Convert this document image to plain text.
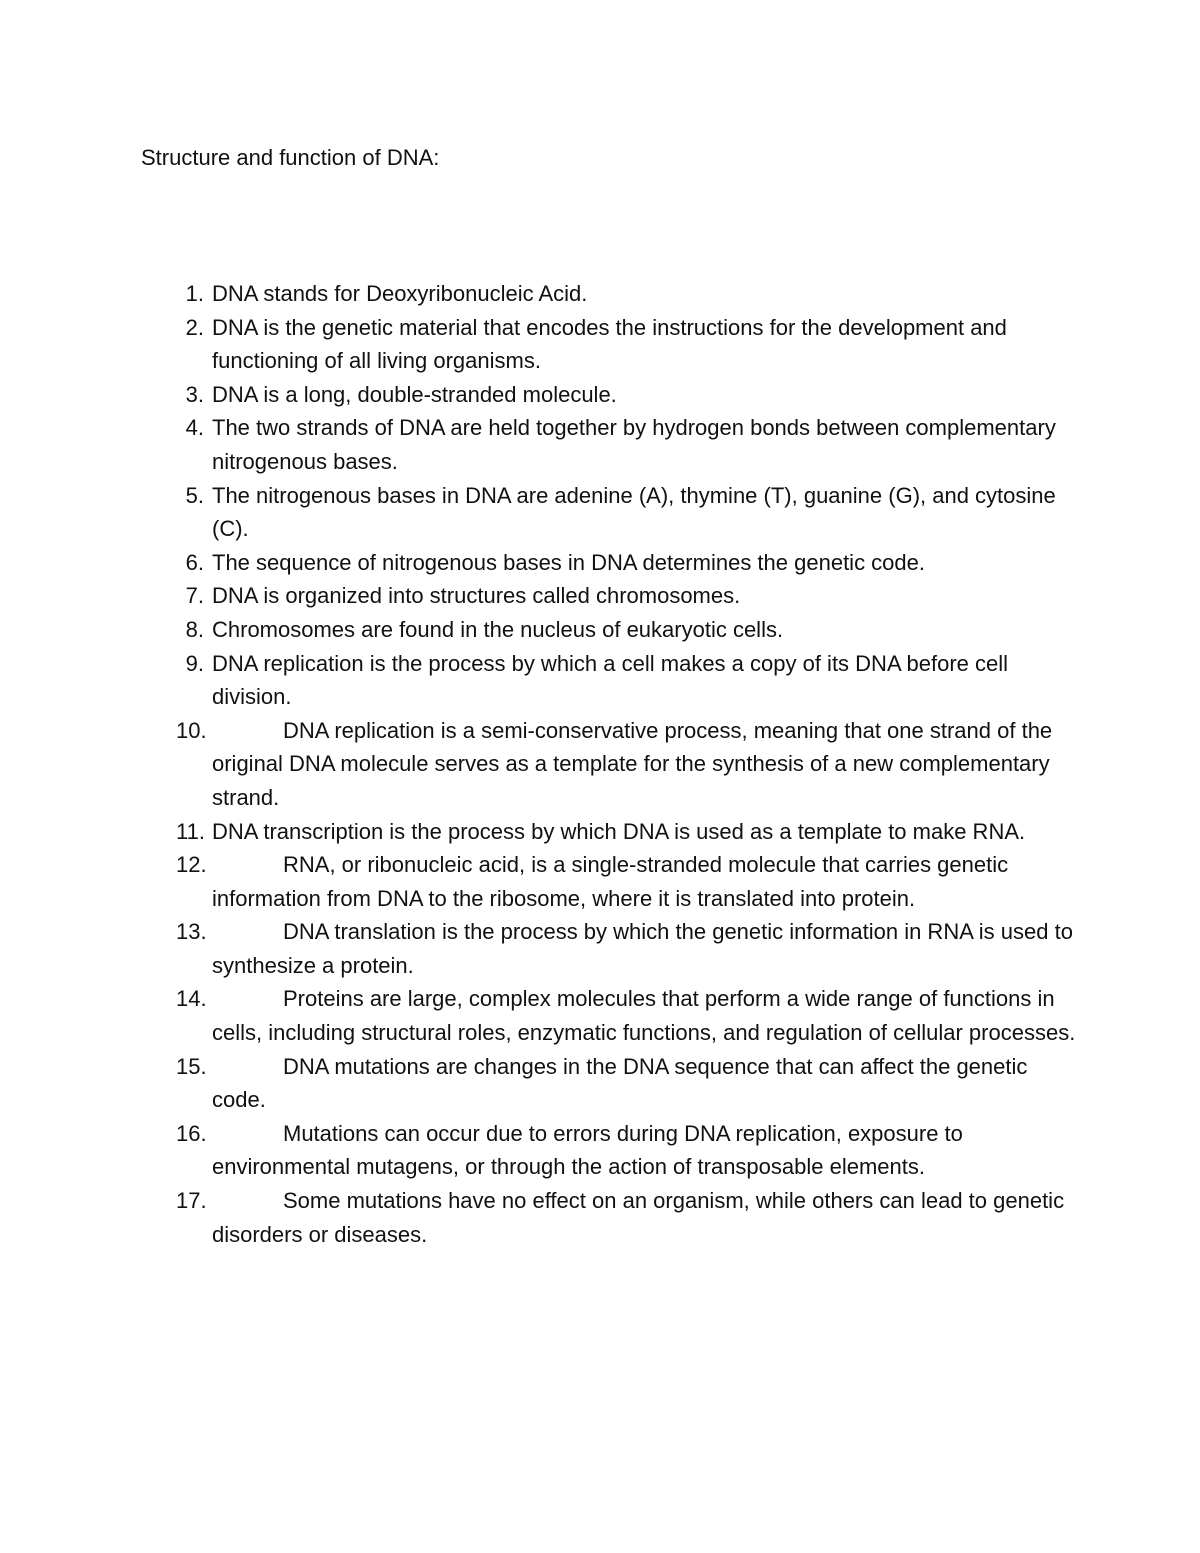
Structure and function of DNA:
1. DNA stands for Deoxyribonucleic Acid.
2. DNA is the genetic material that encodes the instructions for the development and functioning of all living organisms.
3. DNA is a long, double-stranded molecule.
4. The two strands of DNA are held together by hydrogen bonds between complementary nitrogenous bases.
5. The nitrogenous bases in DNA are adenine (A), thymine (T), guanine (G), and cytosine (C).
6. The sequence of nitrogenous bases in DNA determines the genetic code.
7. DNA is organized into structures called chromosomes.
8. Chromosomes are found in the nucleus of eukaryotic cells.
9. DNA replication is the process by which a cell makes a copy of its DNA before cell division.
10.	DNA replication is a semi-conservative process, meaning that one strand of the original DNA molecule serves as a template for the synthesis of a new complementary strand.
11. DNA transcription is the process by which DNA is used as a template to make RNA.
12.	RNA, or ribonucleic acid, is a single-stranded molecule that carries genetic information from DNA to the ribosome, where it is translated into protein.
13.	DNA translation is the process by which the genetic information in RNA is used to synthesize a protein.
14.	Proteins are large, complex molecules that perform a wide range of functions in cells, including structural roles, enzymatic functions, and regulation of cellular processes.
15.	DNA mutations are changes in the DNA sequence that can affect the genetic code.
16.	Mutations can occur due to errors during DNA replication, exposure to environmental mutagens, or through the action of transposable elements.
17.	Some mutations have no effect on an organism, while others can lead to genetic disorders or diseases.
